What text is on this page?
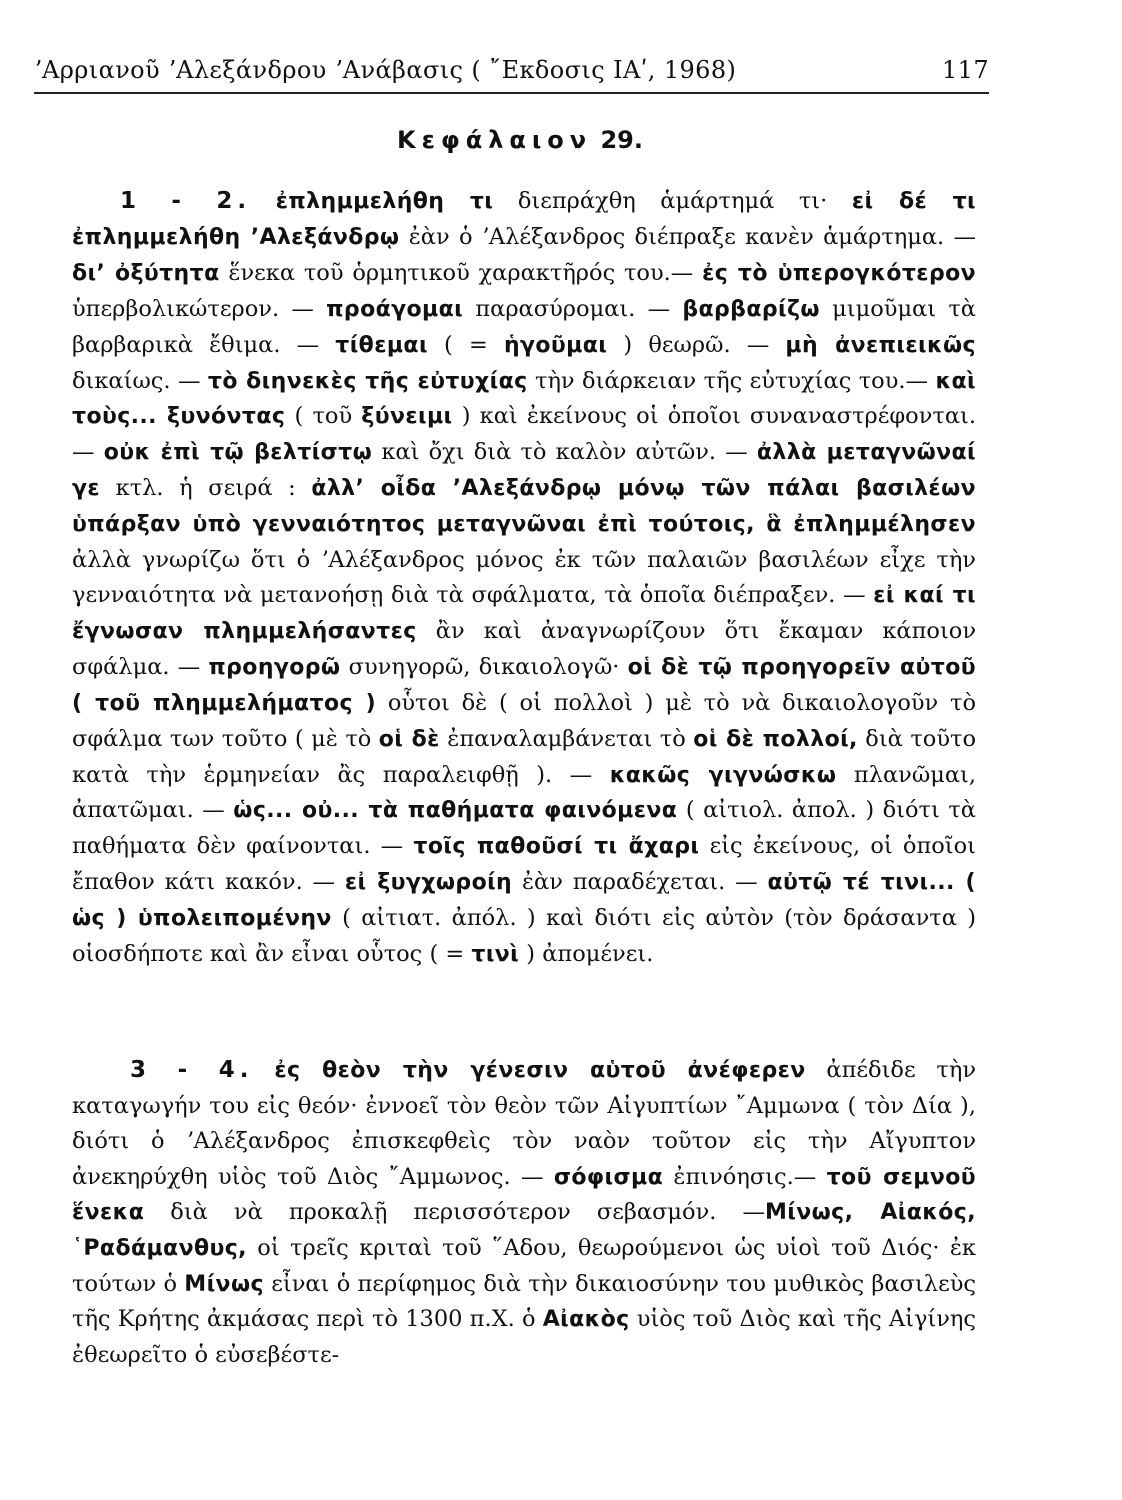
ʼΑρριανοῦ ʼΑλεξάνδρου ʼΑνάβασις ( ῎Εκδοσις ΙΑʹ, 1968)	117
Κεφάλαιον 29.
1 - 2. ἐπλημμελήθη τι διεπράχθη ἁμάρτημά τι· εἰ δέ τι ἐπλημμελήθη ʼΑλεξάνδρῳ ἐὰν ὁ ʼΑλέξανδρος διέπραξε κανὲν ἁμάρτημα. — διʼ ὀξύτητα ἕνεκα τοῦ ὁρμητικοῦ χαρακτῆρός του.— ἐς τὸ ὑπερογκότερον ὑπερβολικώτερον. — προάγομαι παρασύρομαι. — βαρβαρίζω μιμοῦμαι τὰ βαρβαρικὰ ἔθιμα. — τίθεμαι ( = ἡγοῦμαι ) θεωρῶ. — μὴ ἀνεπιεικῶς δικαίως. — τὸ διηνεκὲς τῆς εὐτυχίας τὴν διάρκειαν τῆς εὐτυχίας του.— καὶ τοὺς... ξυνόντας ( τοῦ ξύνειμι ) καὶ ἐκείνους οἱ ὁποῖοι συναναστρέφονται. — οὐκ ἐπὶ τῷ βελτίστῳ καὶ ὄχι διὰ τὸ καλὸν αὐτῶν. — ἀλλὰ μεταγνῶναί γε κτλ. ἡ σειρά : ἀλλʼ οἶδα ʼΑλεξάνδρῳ μόνῳ τῶν πάλαι βασιλέων ὑπάρξαν ὑπὸ γενναιότητος μεταγνῶναι ἐπὶ τούτοις, ἃ ἐπλημμέλησεν ἀλλὰ γνωρίζω ὅτι ὁ ʼΑλέξανδρος μόνος ἐκ τῶν παλαιῶν βασιλέων εἶχε τὴν γενναιότητα νὰ μετανοήσῃ διὰ τὰ σφάλματα, τὰ ὁποῖα διέπραξεν. — εἰ καί τι ἔγνωσαν πλημμελήσαντες ἂν καὶ ἀναγνωρίζουν ὅτι ἔκαμαν κάποιον σφάλμα. — προηγορῶ συνηγορῶ, δικαιολογῶ· οἱ δὲ τῷ προηγορεῖν αὐτοῦ ( τοῦ πλημμελήματος ) οὗτοι δὲ ( οἱ πολλοὶ ) μὲ τὸ νὰ δικαιολογοῦν τὸ σφάλμα των τοῦτο ( μὲ τὸ οἱ δὲ ἐπαναλαμβάνεται τὸ οἱ δὲ πολλοί, διὰ τοῦτο κατὰ τὴν ἑρμηνείαν ἂς παραλειφθῇ ). — κακῶς γιγνώσκω πλανῶμαι, ἀπατῶμαι. — ὡς... οὐ... τὰ παθήματα φαινόμενα ( αἰτιολ. ἀπολ. ) διότι τὰ παθήματα δὲν φαίνονται. — τοῖς παθοῦσί τι ἄχαρι εἰς ἐκείνους, οἱ ὁποῖοι ἔπαθον κάτι κακόν. — εἰ ξυγχωροίη ἐὰν παραδέχεται. — αὐτῷ τέ τινι... ( ὡς ) ὑπολειπομένην ( αἰτιατ. ἀπόλ. ) καὶ διότι εἰς αὐτὸν (τὸν δράσαντα ) οἱοσδήποτε καὶ ἂν εἶναι οὗτος ( = τινὶ ) ἀπομένει.
3 - 4. ἐς θεὸν τὴν γένεσιν αὑτοῦ ἀνέφερεν ἀπέδιδε τὴν καταγωγήν του εἰς θεόν· ἐννοεῖ τὸν θεὸν τῶν Αἰγυπτίων ῎Αμμωνα ( τὸν Δία ), διότι ὁ ʼΑλέξανδρος ἐπισκεφθεὶς τὸν ναὸν τοῦτον εἰς τὴν Αἴγυπτον ἀνεκηρύχθη υἱὸς τοῦ Διὸς ῎Αμμωνος. — σόφισμα ἐπινόησις.— τοῦ σεμνοῦ ἕνεκα διὰ νὰ προκαλῇ περισσότερον σεβασμόν. —Μίνως, Αἰακός, ῾Ραδάμανθυς, οἱ τρεῖς κριταὶ τοῦ ῞Αδου, θεωρούμενοι ὡς υἱοὶ τοῦ Διός· ἐκ τούτων ὁ Μίνως εἶναι ὁ περίφημος διὰ τὴν δικαιοσύνην του μυθικὸς βασιλεὺς τῆς Κρήτης ἀκμάσας περὶ τὸ 1300 π.Χ. ὁ Αἰακὸς υἱὸς τοῦ Διὸς καὶ τῆς Αἰγίνης ἐθεωρεῖτο ὁ εὐσεβέστε-
